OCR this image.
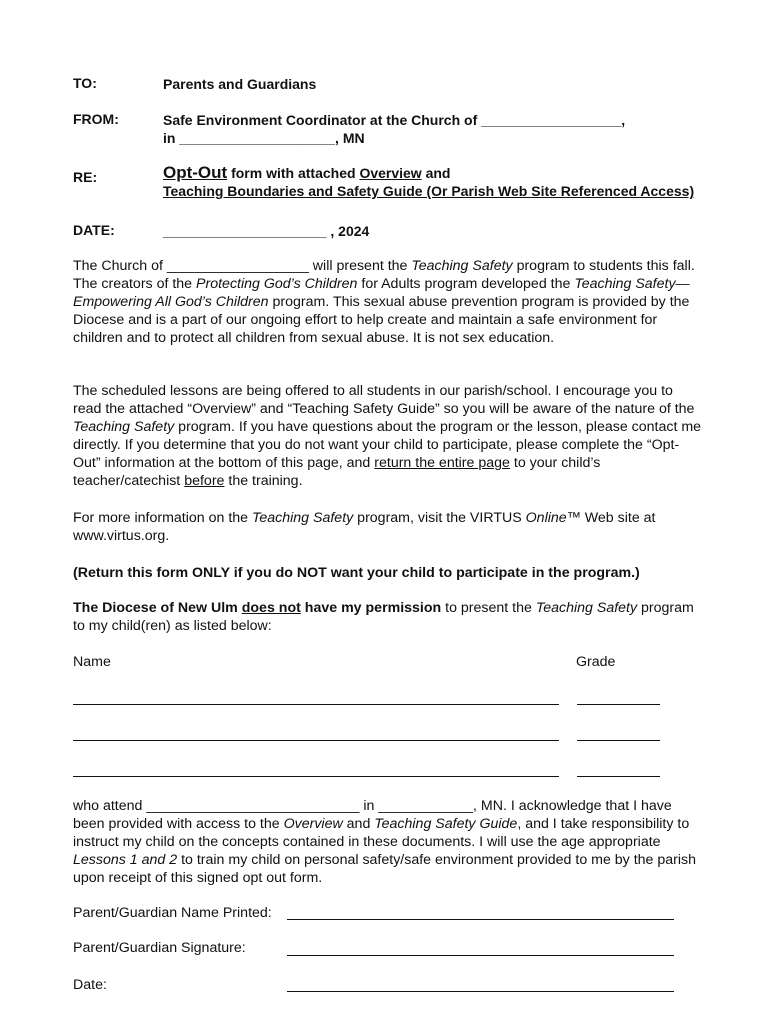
TO:	Parents and Guardians
FROM:	Safe Environment Coordinator at the Church of __________________,
in ____________________, MN
RE:	Opt-Out form with attached Overview and
Teaching Boundaries and Safety Guide (Or Parish Web Site Referenced Access)
DATE:	_____________________ , 2024
The Church of __________________ will present the Teaching Safety program to students this fall. The creators of the Protecting God’s Children for Adults program developed the Teaching Safety—Empowering All God’s Children program. This sexual abuse prevention program is provided by the Diocese and is a part of our ongoing effort to help create and maintain a safe environment for children and to protect all children from sexual abuse. It is not sex education.
The scheduled lessons are being offered to all students in our parish/school. I encourage you to read the attached “Overview” and “Teaching Safety Guide” so you will be aware of the nature of the Teaching Safety program. If you have questions about the program or the lesson, please contact me directly. If you determine that you do not want your child to participate, please complete the “Opt-Out” information at the bottom of this page, and return the entire page to your child’s teacher/catechist before the training.
For more information on the Teaching Safety program, visit the VIRTUS Online™ Web site at www.virtus.org.
(Return this form ONLY if you do NOT want your child to participate in the program.)
The Diocese of New Ulm does not have my permission to present the Teaching Safety program to my child(ren) as listed below:
Name	Grade
who attend ___________________________ in ____________, MN. I acknowledge that I have been provided with access to the Overview and Teaching Safety Guide, and I take responsibility to instruct my child on the concepts contained in these documents. I will use the age appropriate Lessons 1 and 2 to train my child on personal safety/safe environment provided to me by the parish upon receipt of this signed opt out form.
Parent/Guardian Name Printed:
Parent/Guardian Signature:
Date:
